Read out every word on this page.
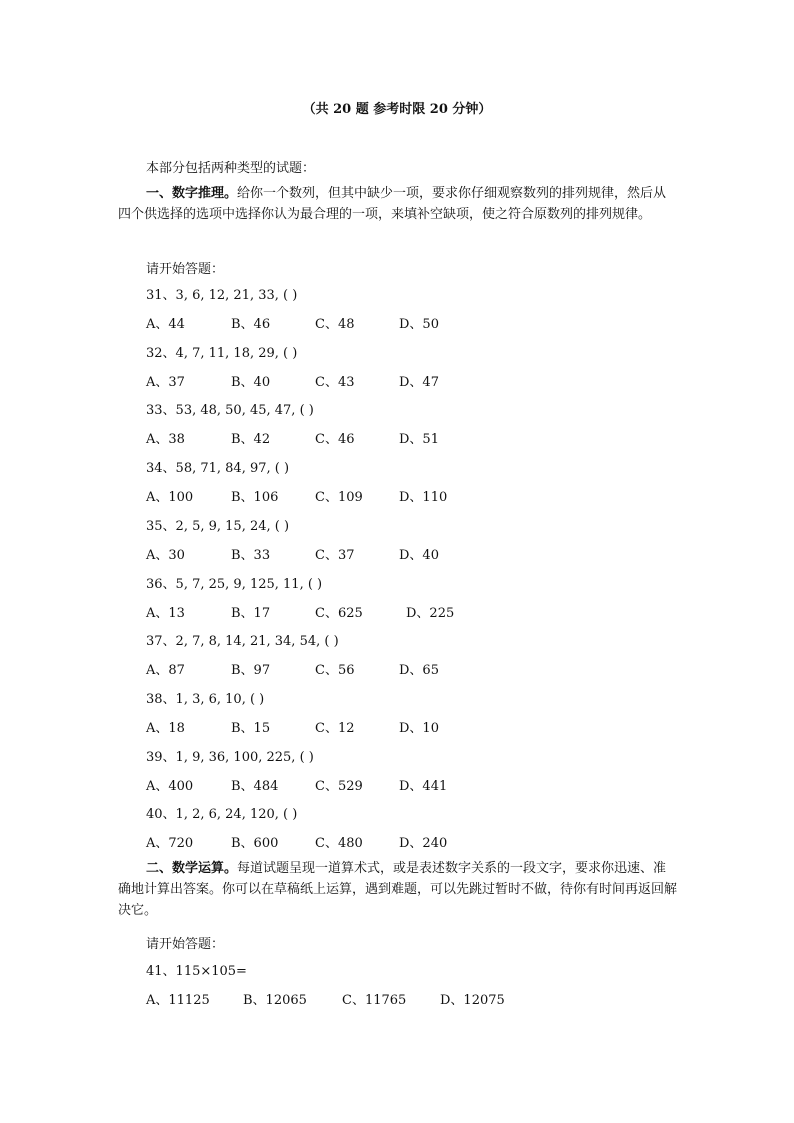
（共 20 题 参考时限 20 分钟）
本部分包括两种类型的试题：
一、数字推理。给你一个数列，但其中缺少一项，要求你仔细观察数列的排列规律，然后从四个供选择的选项中选择你认为最合理的一项，来填补空缺项，使之符合原数列的排列规律。
请开始答题：
31、3, 6, 12, 21, 33, ( )
A、44	B、46	C、48	D、50
32、4, 7, 11, 18, 29, ( )
A、37	B、40	C、43	D、47
33、53, 48, 50, 45, 47, ( )
A、38	B、42	C、46	D、51
34、58, 71, 84, 97, ( )
A、100	B、106	C、109	D、110
35、2, 5, 9, 15, 24, ( )
A、30	B、33	C、37	D、40
36、5, 7, 25, 9, 125, 11, ( )
A、13	B、17	C、625	D、225
37、2, 7, 8, 14, 21, 34, 54, ( )
A、87	B、97	C、56	D、65
38、1, 3, 6, 10, ( )
A、18	B、15	C、12	D、10
39、1, 9, 36, 100, 225, ( )
A、400	B、484	C、529	D、441
40、1, 2, 6, 24, 120, ( )
A、720	B、600	C、480	D、240
二、数学运算。每道试题呈现一道算术式，或是表述数字关系的一段文字，要求你迅速、准确地计算出答案。你可以在草稿纸上运算，遇到难题，可以先跳过暂时不做，待你有时间再返回解决它。
请开始答题：
41、115×105=
A、11125	B、12065	C、11765	D、12075
